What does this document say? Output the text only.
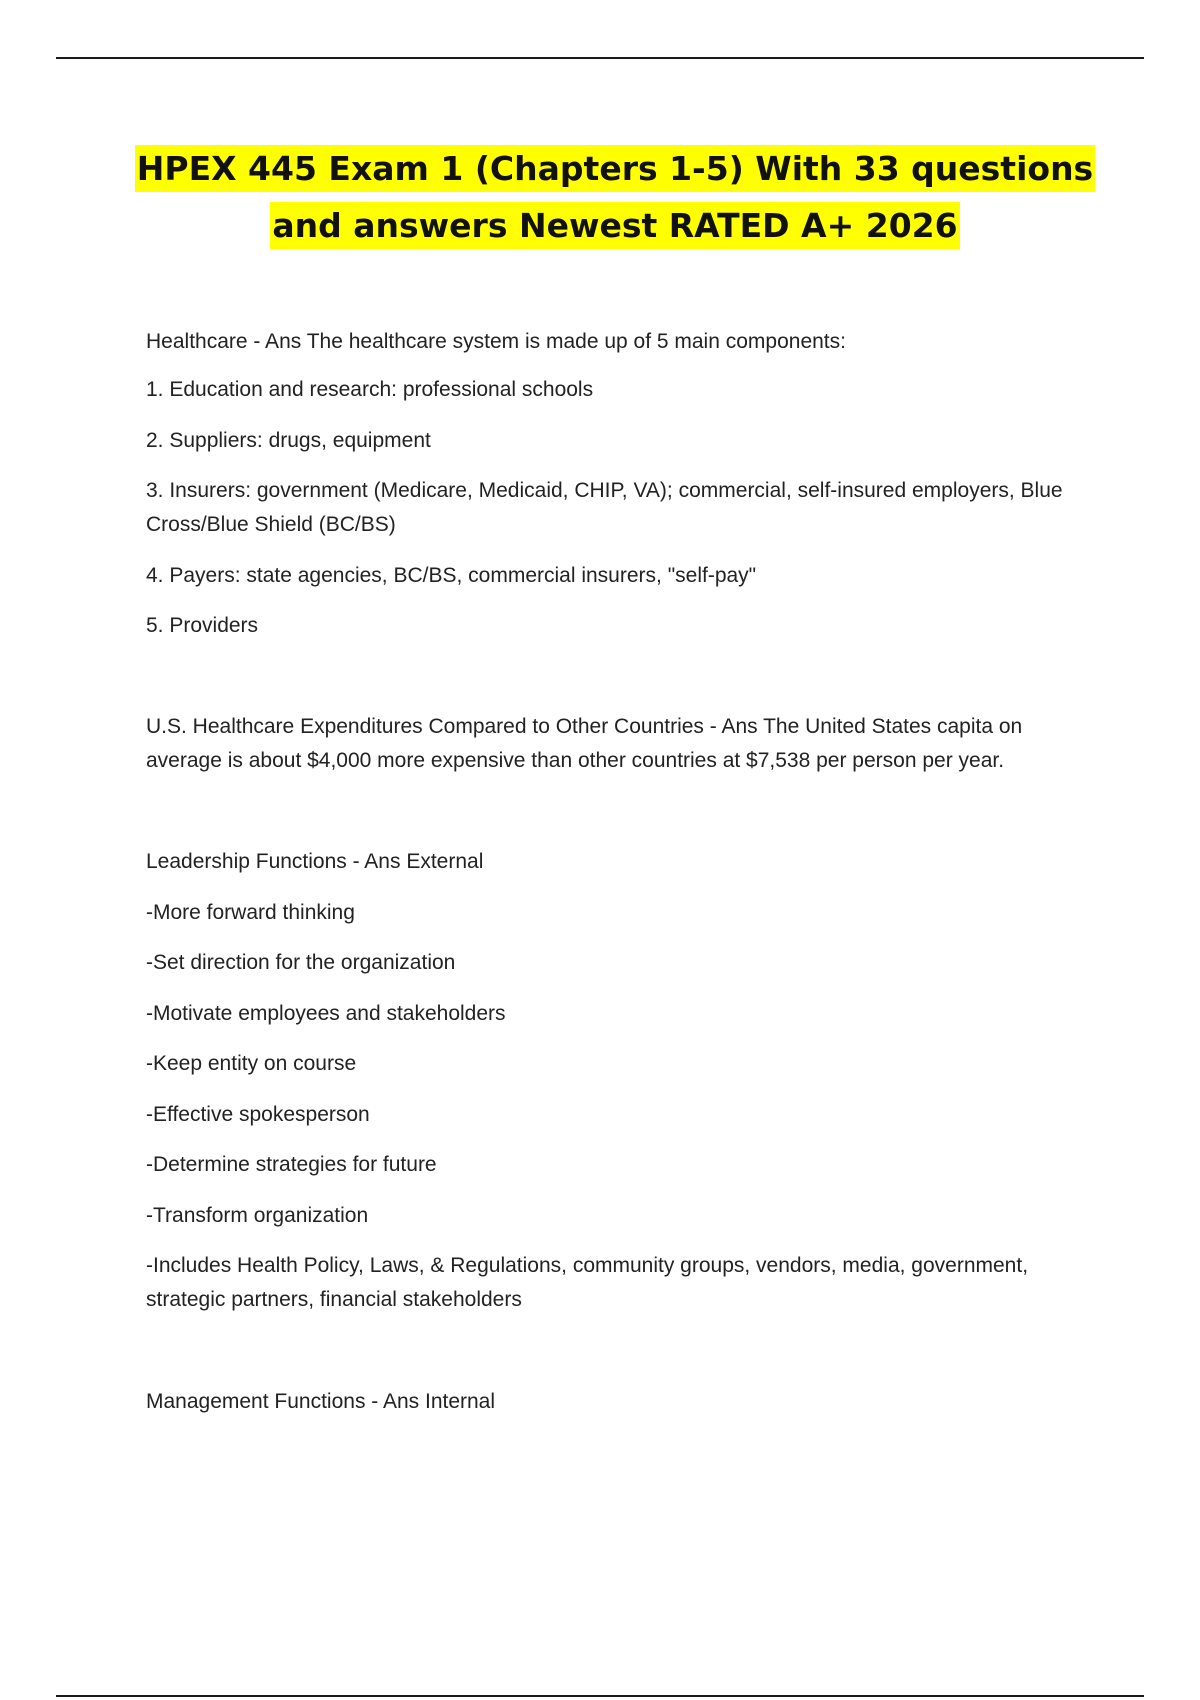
HPEX 445 Exam 1 (Chapters 1-5) With 33 questions and answers Newest RATED A+ 2026

Healthcare - Ans The healthcare system is made up of 5 main components:

1. Education and research: professional schools

2. Suppliers: drugs, equipment

3. Insurers: government (Medicare, Medicaid, CHIP, VA); commercial, self-insured employers, Blue Cross/Blue Shield (BC/BS)

4. Payers: state agencies, BC/BS, commercial insurers, "self-pay"

5. Providers

U.S. Healthcare Expenditures Compared to Other Countries - Ans The United States capita on average is about $4,000 more expensive than other countries at $7,538 per person per year.

Leadership Functions - Ans External

-More forward thinking

-Set direction for the organization

-Motivate employees and stakeholders

-Keep entity on course

-Effective spokesperson

-Determine strategies for future

-Transform organization

-Includes Health Policy, Laws, & Regulations, community groups, vendors, media, government, strategic partners, financial stakeholders

Management Functions - Ans Internal
